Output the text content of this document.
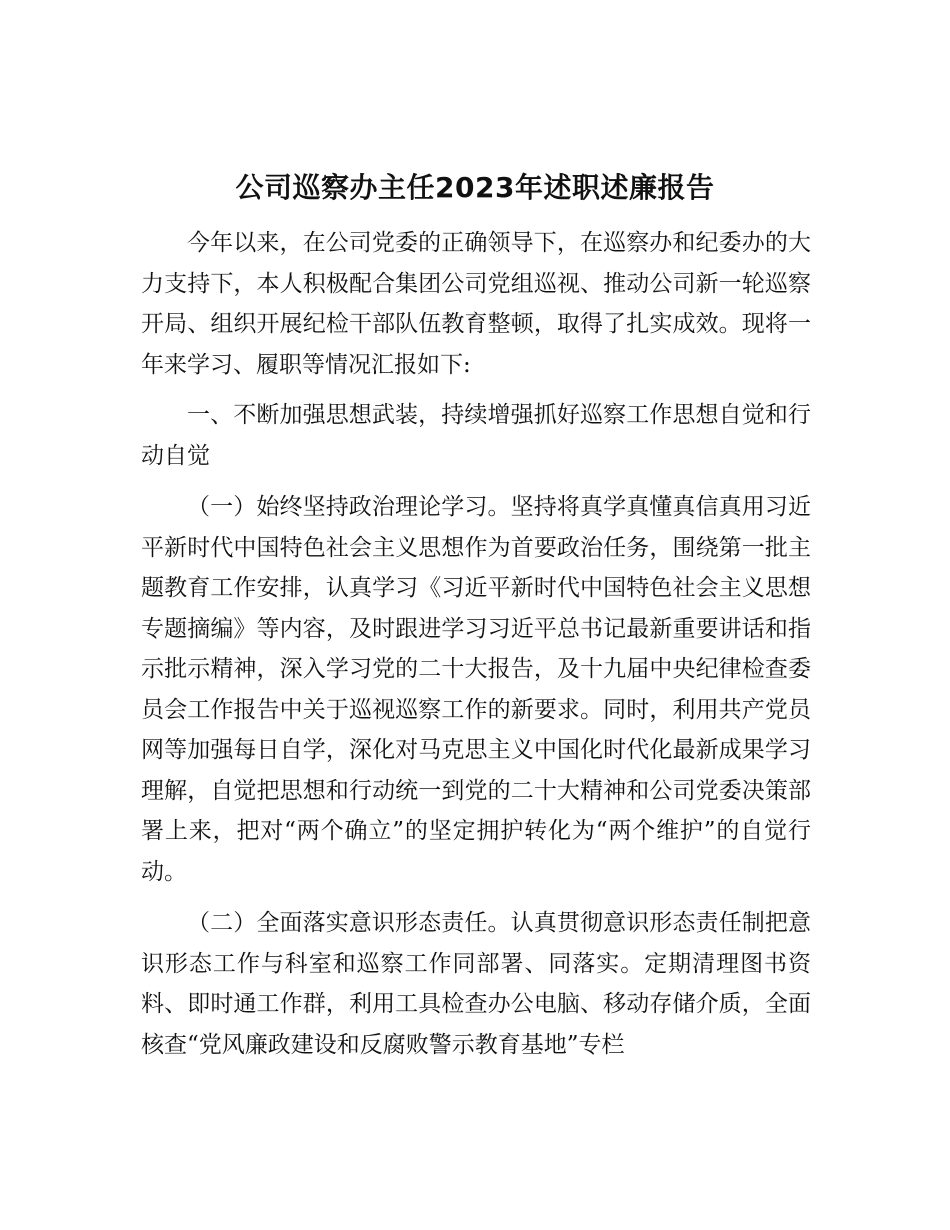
公司巡察办主任2023年述职述廉报告

今年以来，在公司党委的正确领导下，在巡察办和纪委办的大力支持下，本人积极配合集团公司党组巡视、推动公司新一轮巡察开局、组织开展纪检干部队伍教育整顿，取得了扎实成效。现将一年来学习、履职等情况汇报如下:

一、不断加强思想武装，持续增强抓好巡察工作思想自觉和行动自觉

（一）始终坚持政治理论学习。坚持将真学真懂真信真用习近平新时代中国特色社会主义思想作为首要政治任务，围绕第一批主题教育工作安排，认真学习《习近平新时代中国特色社会主义思想专题摘编》等内容，及时跟进学习习近平总书记最新重要讲话和指示批示精神，深入学习党的二十大报告，及十九届中央纪律检查委员会工作报告中关于巡视巡察工作的新要求。同时，利用共产党员网等加强每日自学，深化对马克思主义中国化时代化最新成果学习理解，自觉把思想和行动统一到党的二十大精神和公司党委决策部署上来，把对“两个确立”的坚定拥护转化为“两个维护”的自觉行动。

（二）全面落实意识形态责任。认真贯彻意识形态责任制把意识形态工作与科室和巡察工作同部署、同落实。定期清理图书资料、即时通工作群，利用工具检查办公电脑、移动存储介质，全面核查“党风廉政建设和反腐败警示教育基地”专栏
